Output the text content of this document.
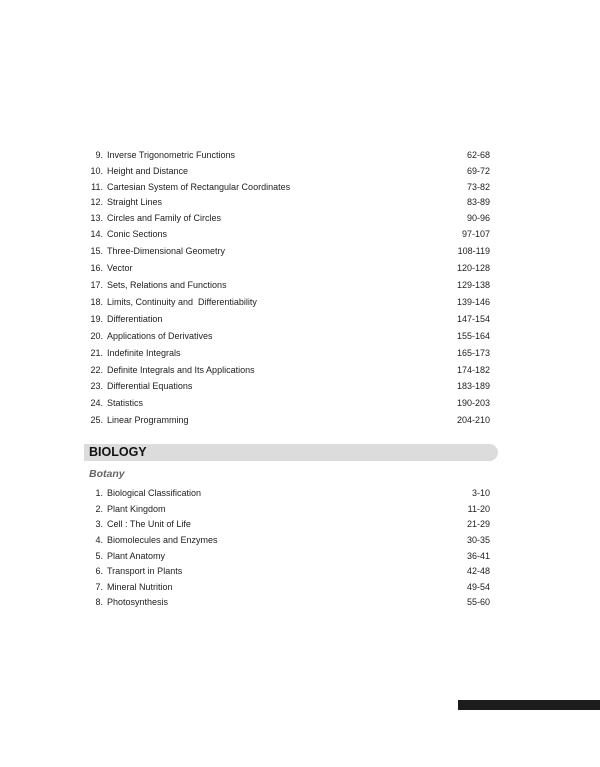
9. Inverse Trigonometric Functions	62-68
10. Height and Distance	69-72
11. Cartesian System of Rectangular Coordinates	73-82
12. Straight Lines	83-89
13. Circles and Family of Circles	90-96
14. Conic Sections	97-107
15. Three-Dimensional Geometry	108-119
16. Vector	120-128
17. Sets, Relations and Functions	129-138
18. Limits, Continuity and  Differentiability	139-146
19. Differentiation	147-154
20. Applications of Derivatives	155-164
21. Indefinite Integrals	165-173
22. Definite Integrals and Its Applications	174-182
23. Differential Equations	183-189
24. Statistics	190-203
25. Linear Programming	204-210
BIOLOGY
Botany
1. Biological Classification	3-10
2. Plant Kingdom	11-20
3. Cell : The Unit of Life	21-29
4. Biomolecules and Enzymes	30-35
5. Plant Anatomy	36-41
6. Transport in Plants	42-48
7. Mineral Nutrition	49-54
8. Photosynthesis	55-60
